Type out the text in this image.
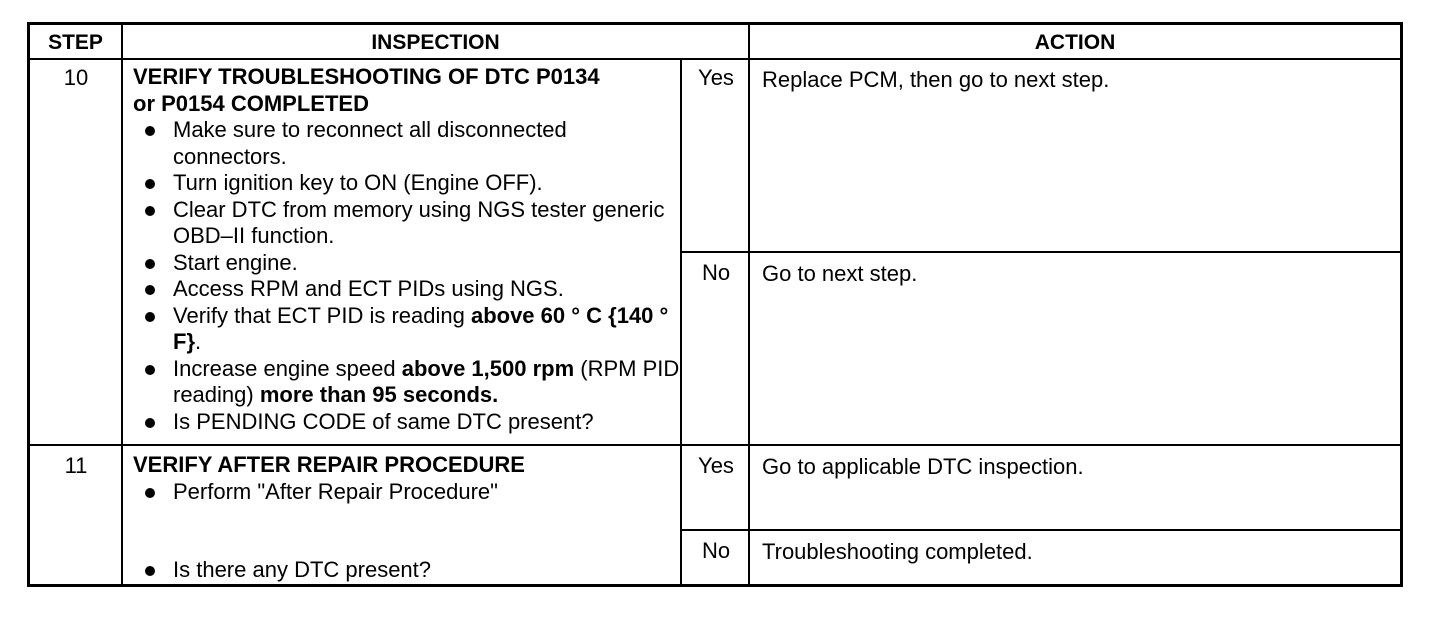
STEP	INSPECTION	ACTION
10	VERIFY TROUBLESHOOTING OF DTC P0134
or P0154 COMPLETED
Make sure to reconnect all disconnected connectors.
Turn ignition key to ON (Engine OFF).
Clear DTC from memory using NGS tester generic OBD–II function.
Start engine.
Access RPM and ECT PIDs using NGS.
Verify that ECT PID is reading above 60 ° C {140 ° F}.
Increase engine speed above 1,500 rpm (RPM PID reading) more than 95 seconds.
Is PENDING CODE of same DTC present?
Yes	Replace PCM, then go to next step.
No	Go to next step.
11	VERIFY AFTER REPAIR PROCEDURE
Perform "After Repair Procedure"
Is there any DTC present?
Yes	Go to applicable DTC inspection.
No	Troubleshooting completed.
